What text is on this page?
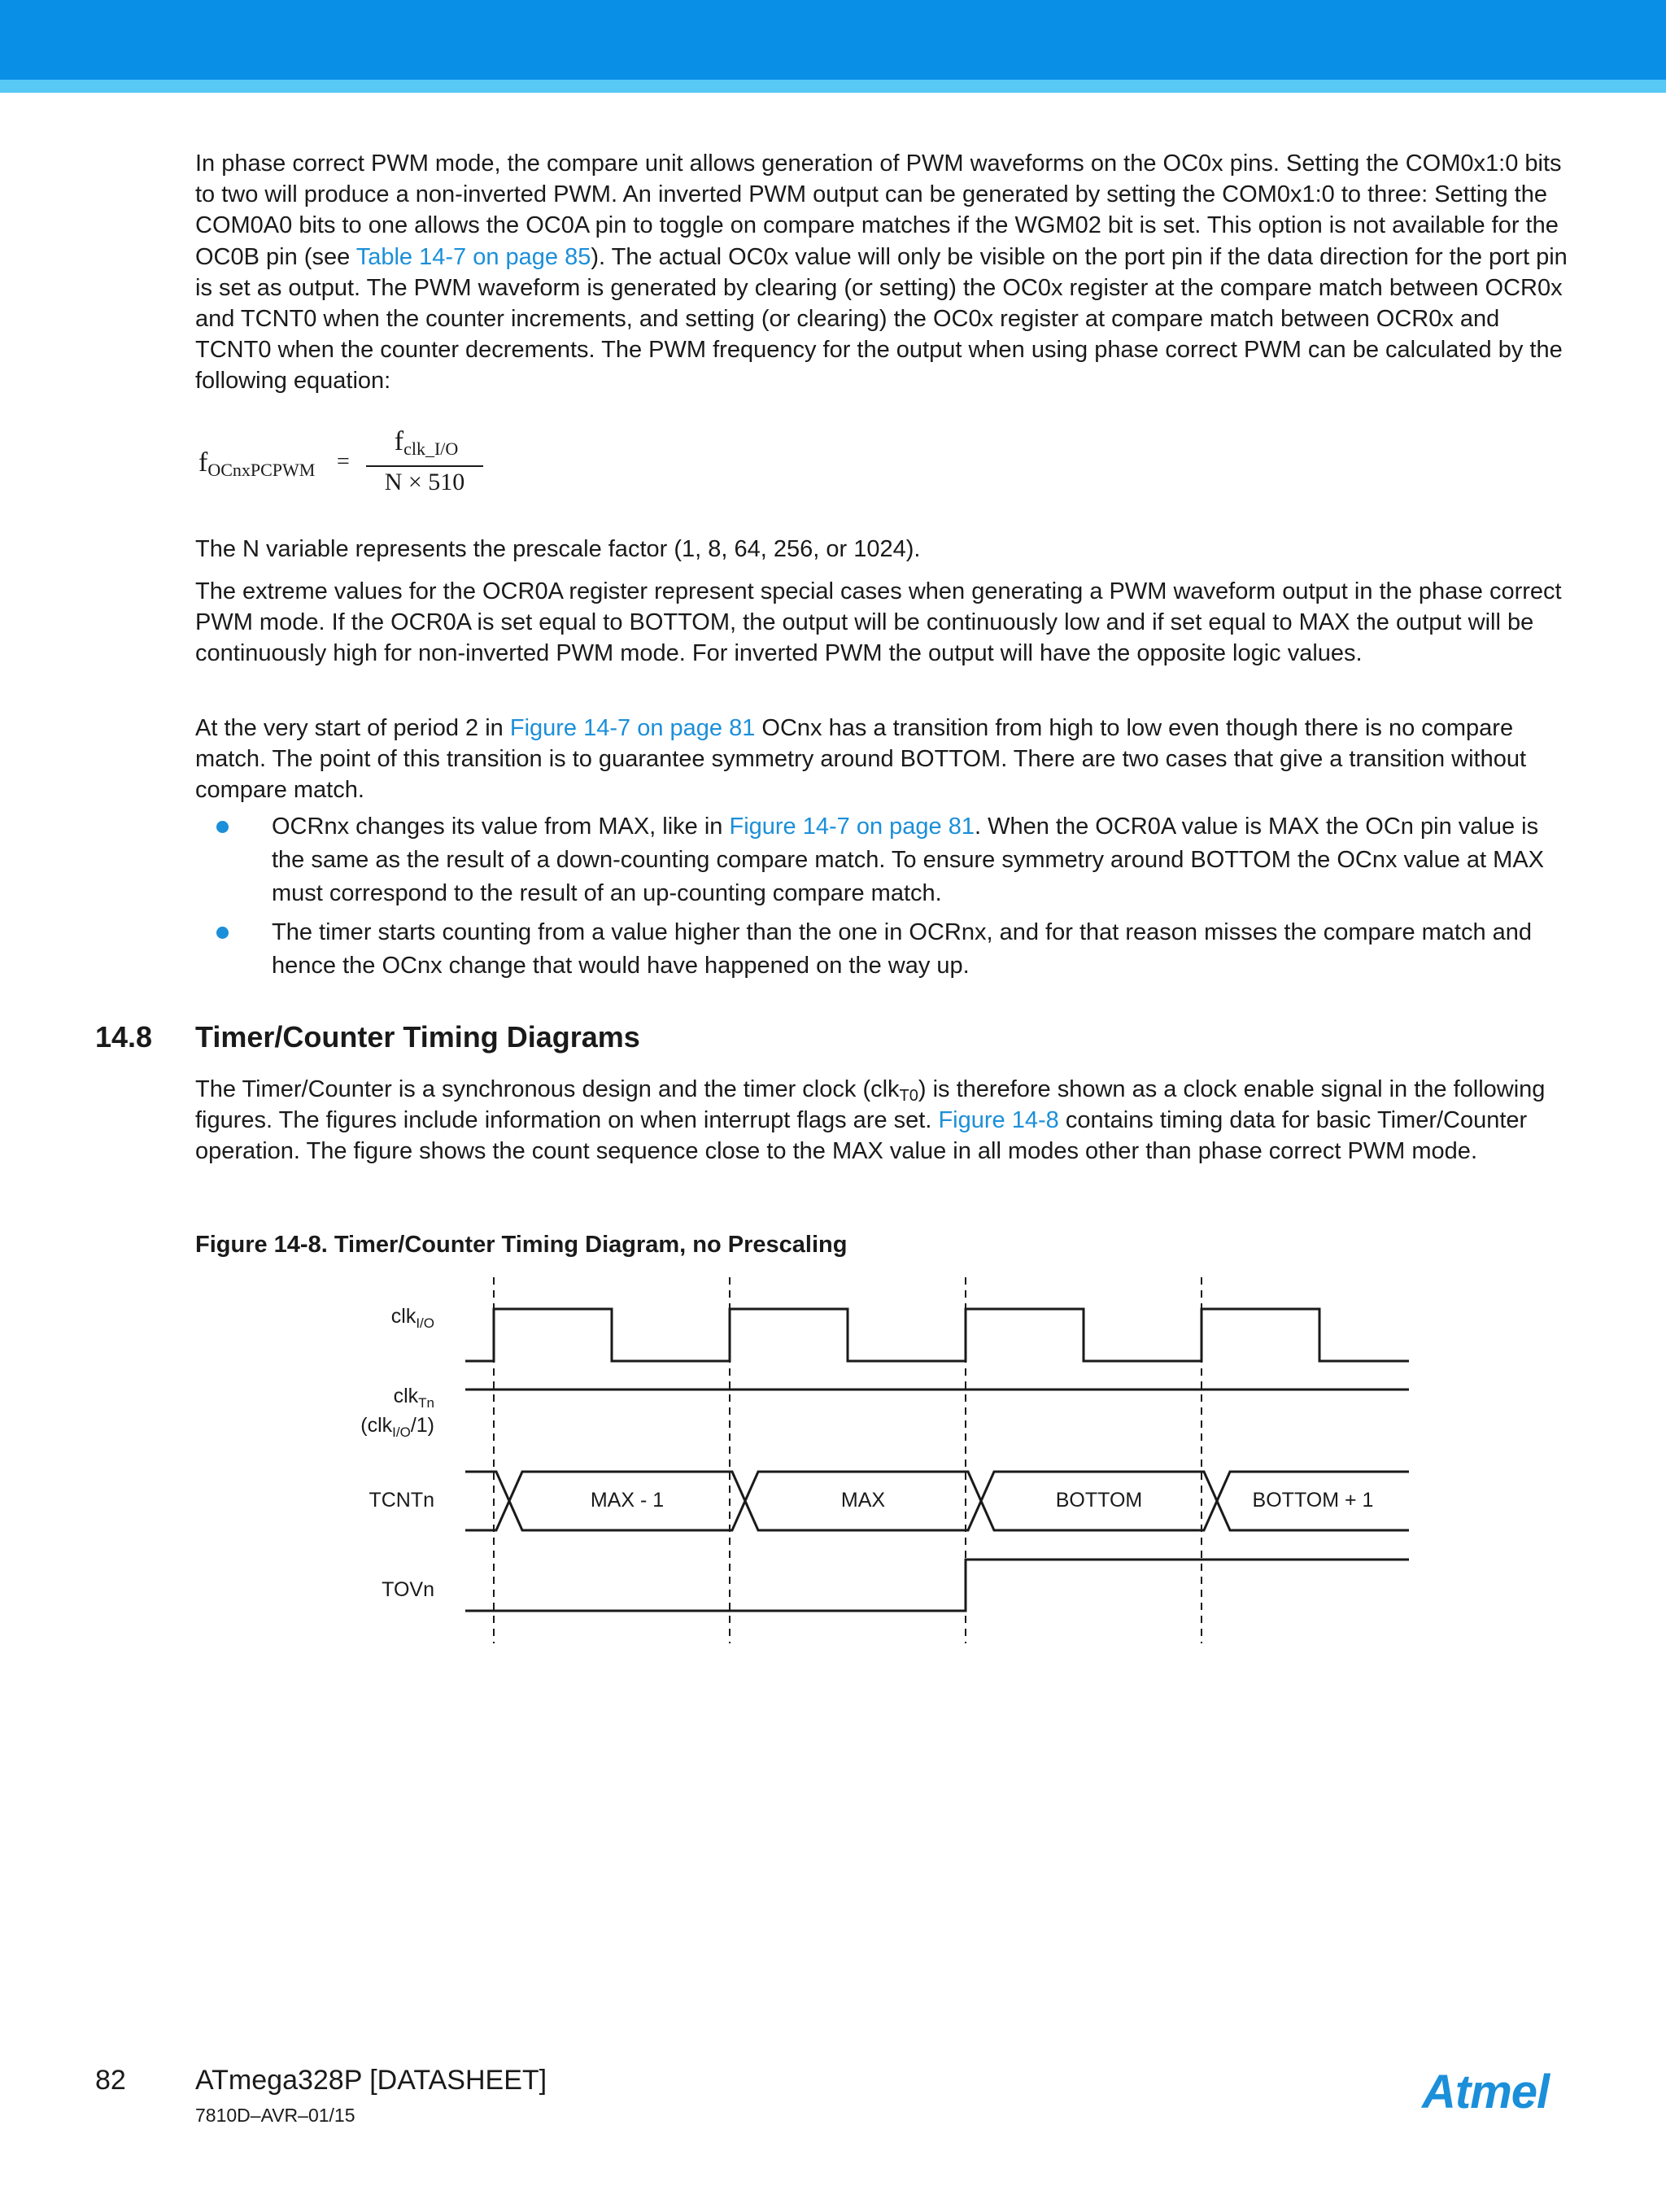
In phase correct PWM mode, the compare unit allows generation of PWM waveforms on the OC0x pins. Setting the COM0x1:0 bits to two will produce a non-inverted PWM. An inverted PWM output can be generated by setting the COM0x1:0 to three: Setting the COM0A0 bits to one allows the OC0A pin to toggle on compare matches if the WGM02 bit is set. This option is not available for the OC0B pin (see Table 14-7 on page 85). The actual OC0x value will only be visible on the port pin if the data direction for the port pin is set as output. The PWM waveform is generated by clearing (or setting) the OC0x register at the compare match between OCR0x and TCNT0 when the counter increments, and setting (or clearing) the OC0x register at compare match between OCR0x and TCNT0 when the counter decrements. The PWM frequency for the output when using phase correct PWM can be calculated by the following equation:

$f_{OCnxPCPWM}$ =
$f_{clk\_I/O}$
N × 510

The N variable represents the prescale factor (1, 8, 64, 256, or 1024).

The extreme values for the OCR0A register represent special cases when generating a PWM waveform output in the phase correct PWM mode. If the OCR0A is set equal to BOTTOM, the output will be continuously low and if set equal to MAX the output will be continuously high for non-inverted PWM mode. For inverted PWM the output will have the opposite logic values.

At the very start of period 2 in Figure 14-7 on page 81 OCnx has a transition from high to low even though there is no compare match. The point of this transition is to guarantee symmetry around BOTTOM. There are two cases that give a transition without compare match.

OCRnx changes its value from MAX, like in Figure 14-7 on page 81. When the OCR0A value is MAX the OCn pin value is the same as the result of a down-counting compare match. To ensure symmetry around BOTTOM the OCnx value at MAX must correspond to the result of an up-counting compare match.
The timer starts counting from a value higher than the one in OCRnx, and for that reason misses the compare match and hence the OCnx change that would have happened on the way up.
14.8 Timer/Counter Timing Diagrams

The Timer/Counter is a synchronous design and the timer clock (clk$_{T0}$) is therefore shown as a clock enable signal in the following figures. The figures include information on when interrupt flags are set. Figure 14-8 contains timing data for basic Timer/Counter operation. The figure shows the count sequence close to the MAX value in all modes other than phase correct PWM mode.

Figure 14-8. Timer/Counter Timing Diagram, no Prescaling
clk$_{I/O}$
clk$_{Tn}$
(clk$_{I/O}$/1)
TCNTn
TOVn
MAX - 1	MAX	BOTTOM	BOTTOM + 1
82	ATmega328P [DATASHEET]
7810D–AVR–01/15	Atmel
